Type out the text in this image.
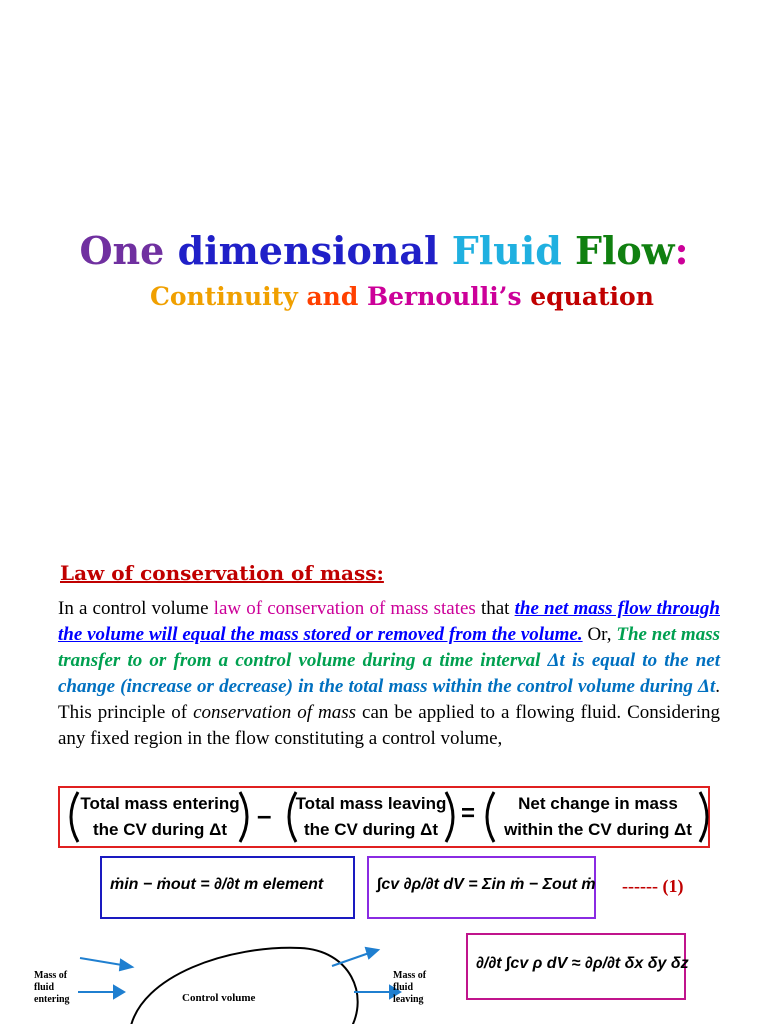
One dimensional Fluid Flow:
Continuity and Bernoulli’s equation
Law of conservation of mass:
In a control volume law of conservation of mass states that the net mass flow through the volume will equal the mass stored or removed from the volume. Or, The net mass transfer to or from a control volume during a time interval Δt is equal to the net change (increase or decrease) in the total mass within the control volume during Δt. This principle of conservation of mass can be applied to a flowing fluid. Considering any fixed region in the flow constituting a control volume,
Total mass entering
the CV during Δt	– Total mass leaving
the CV during Δt
=	Net change in mass
within the CV during Δt
ṁin − ṁout = ∂/∂t m element	∫cv ∂ρ/∂t dV = Σin ṁ − Σout ṁ ------ (1)
∂/∂t ∫cv ρ dV ≈ ∂ρ/∂t δx δy δz
Mass of
fluid
entering
Mass of
fluid
leaving
Control volume
